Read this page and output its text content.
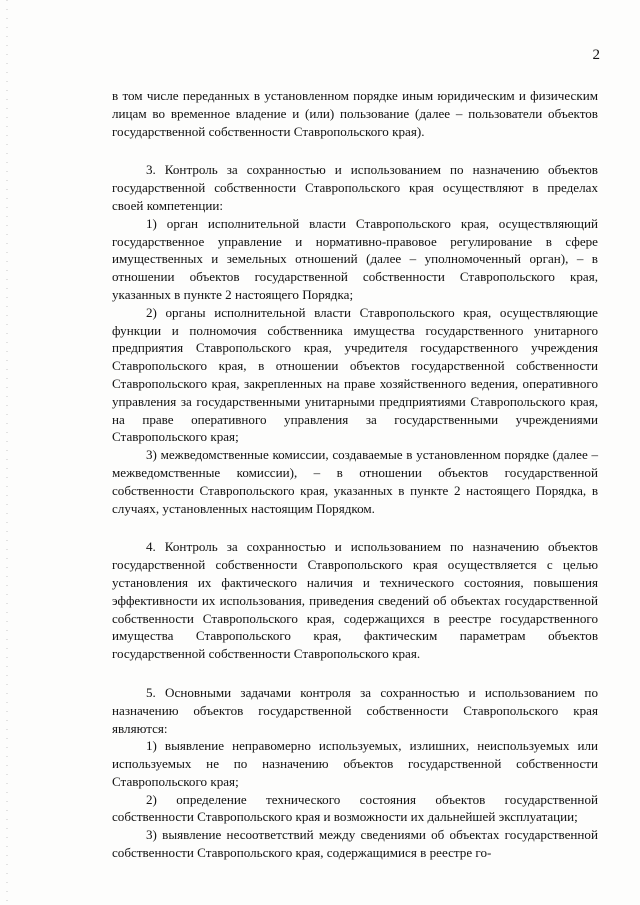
2

в том числе переданных в установленном порядке иным юридическим и физическим лицам во временное владение и (или) пользование (далее – пользователи объектов государственной собственности Ставропольского края).

3. Контроль за сохранностью и использованием по назначению объектов государственной собственности Ставропольского края осуществляют в пределах своей компетенции:

1) орган исполнительной власти Ставропольского края, осуществляющий государственное управление и нормативно-правовое регулирование в сфере имущественных и земельных отношений (далее – уполномоченный орган), – в отношении объектов государственной собственности Ставропольского края, указанных в пункте 2 настоящего Порядка;

2) органы исполнительной власти Ставропольского края, осуществляющие функции и полномочия собственника имущества государственного унитарного предприятия Ставропольского края, учредителя государственного учреждения Ставропольского края, в отношении объектов государственной собственности Ставропольского края, закрепленных на праве хозяйственного ведения, оперативного управления за государственными унитарными предприятиями Ставропольского края, на праве оперативного управления за государственными учреждениями Ставропольского края;

3) межведомственные комиссии, создаваемые в установленном порядке (далее – межведомственные комиссии), – в отношении объектов государственной собственности Ставропольского края, указанных в пункте 2 настоящего Порядка, в случаях, установленных настоящим Порядком.

4. Контроль за сохранностью и использованием по назначению объектов государственной собственности Ставропольского края осуществляется с целью установления их фактического наличия и технического состояния, повышения эффективности их использования, приведения сведений об объектах государственной собственности Ставропольского края, содержащихся в реестре государственного имущества Ставропольского края, фактическим параметрам объектов государственной собственности Ставропольского края.

5. Основными задачами контроля за сохранностью и использованием по назначению объектов государственной собственности Ставропольского края являются:

1) выявление неправомерно используемых, излишних, неиспользуемых или используемых не по назначению объектов государственной собственности Ставропольского края;

2) определение технического состояния объектов государственной собственности Ставропольского края и возможности их дальнейшей эксплуатации;

3) выявление несоответствий между сведениями об объектах государственной собственности Ставропольского края, содержащимися в реестре го-
